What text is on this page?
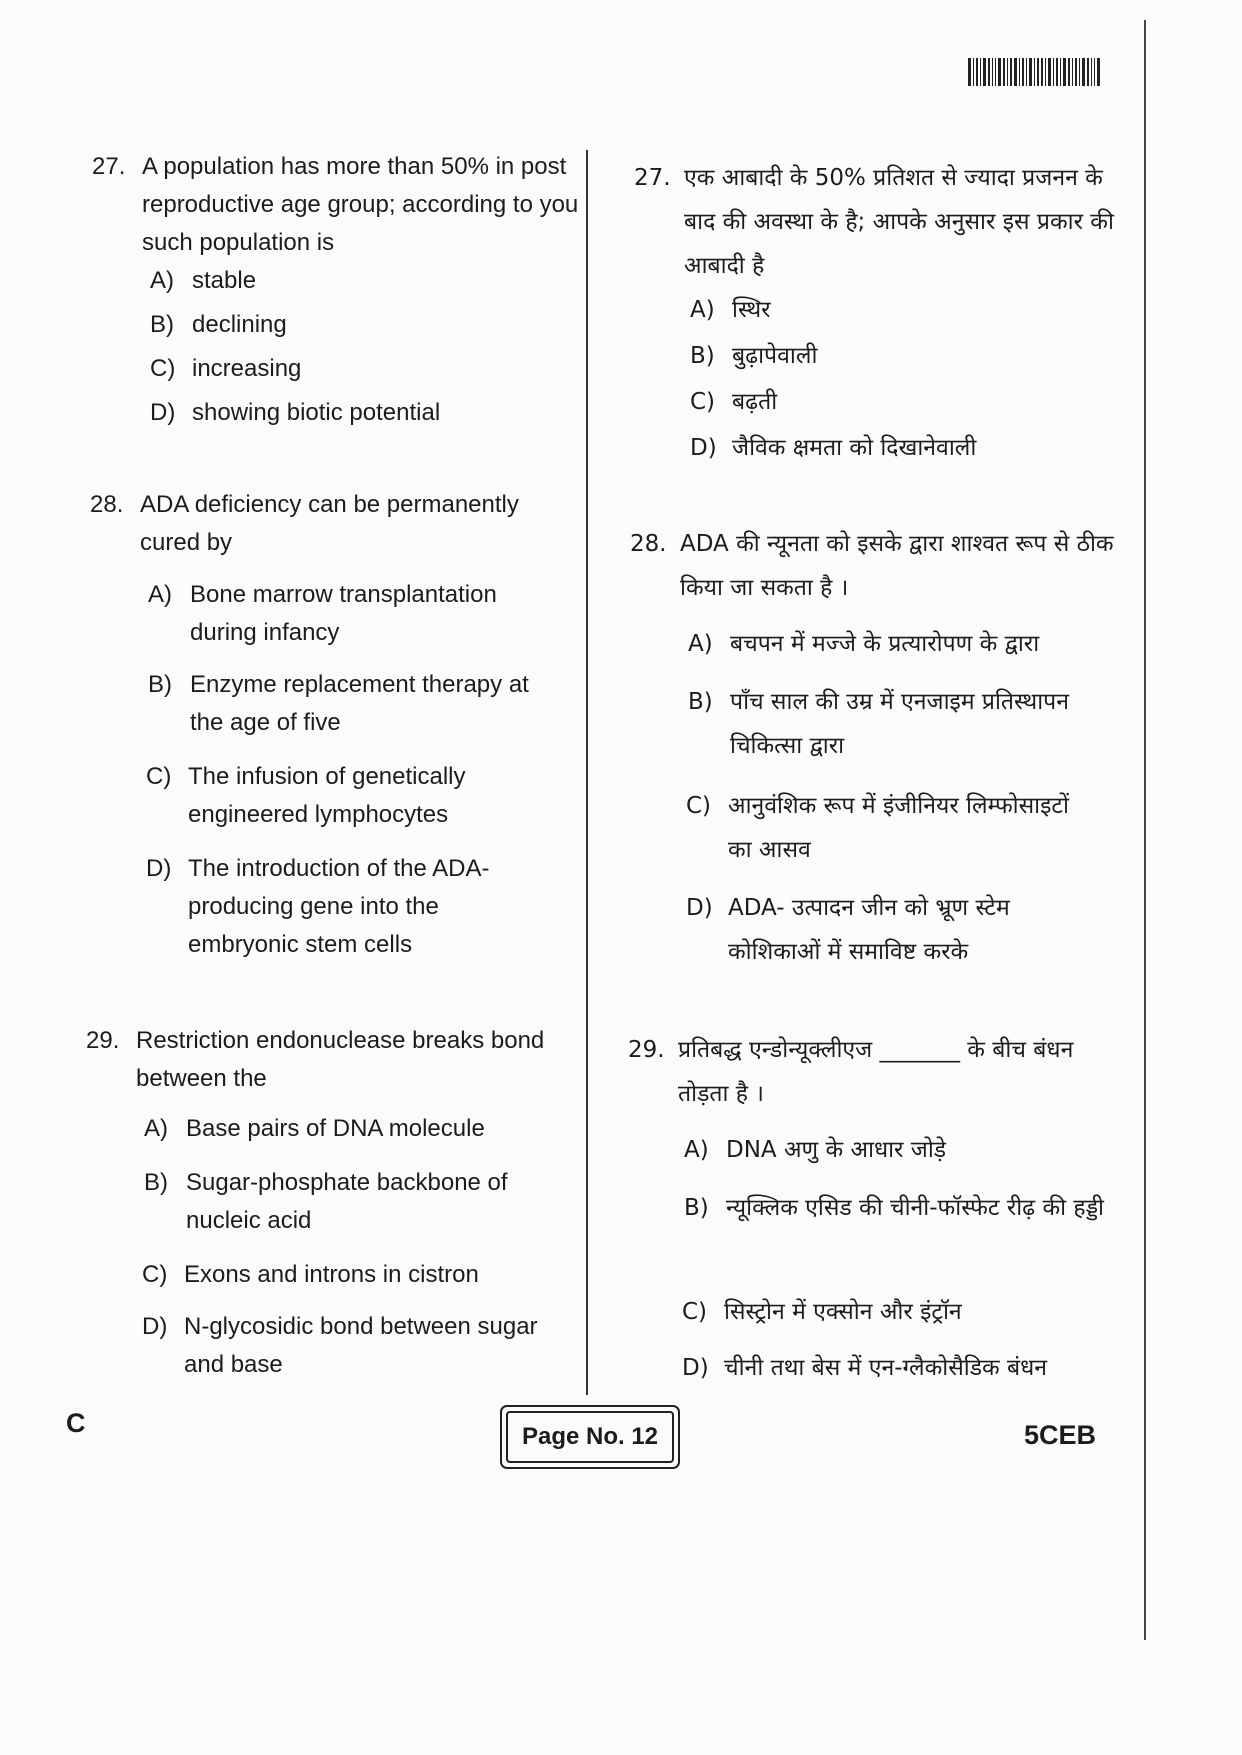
27. A population has more than 50% in post reproductive age group; according to you such population is
A) stable
B) declining
C) increasing
D) showing biotic potential
28. ADA deficiency can be permanently cured by
A) Bone marrow transplantation during infancy
B) Enzyme replacement therapy at the age of five
C) The infusion of genetically engineered lymphocytes
D) The introduction of the ADA-producing gene into the embryonic stem cells
29. Restriction endonuclease breaks bond between the
A) Base pairs of DNA molecule
B) Sugar-phosphate backbone of nucleic acid
C) Exons and introns in cistron
D) N-glycosidic bond between sugar and base
27. एक आबादी के 50% प्रतिशत से ज्यादा प्रजनन के बाद की अवस्था के है; आपके अनुसार इस प्रकार की आबादी है
A) स्थिर
B) बुढ़ापेवाली
C) बढ़ती
D) जैविक क्षमता को दिखानेवाली
28. ADA की न्यूनता को इसके द्वारा शाश्वत रूप से ठीक किया जा सकता है ।
A) बचपन में मज्जे के प्रत्यारोपण के द्वारा
B) पाँच साल की उम्र में एनजाइम प्रतिस्थापन चिकित्सा द्वारा
C) आनुवंशिक रूप में इंजीनियर लिम्फोसाइटों का आसव
D) ADA- उत्पादन जीन को भ्रूण स्टेम कोशिकाओं में समाविष्ट करके
29. प्रतिबद्ध एन्डोन्यूक्लीएज _______ के बीच बंधन तोड़ता है ।
A) DNA अणु के आधार जोड़े
B) न्यूक्लिक एसिड की चीनी-फॉस्फेट रीढ़ की हड्डी
C) सिस्ट्रोन में एक्सोन और इंट्रॉन
D) चीनी तथा बेस में एन-ग्लैकोसैडिक बंधन
C	Page No. 12	5CEB
